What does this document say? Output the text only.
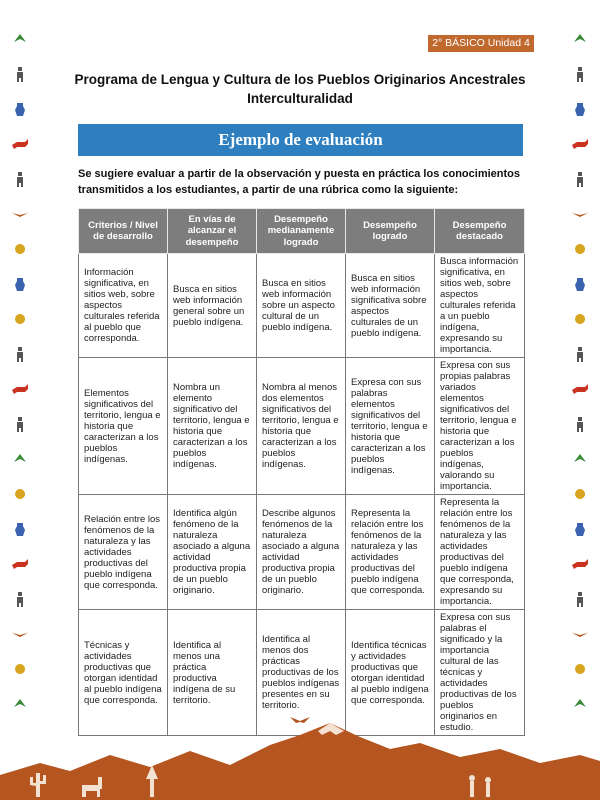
2° BÁSICO Unidad 4
Programa de Lengua y Cultura de los Pueblos Originarios Ancestrales
Interculturalidad
Ejemplo de evaluación
Se sugiere evaluar a partir de la observación y puesta en práctica los conocimientos transmitidos a los estudiantes, a partir de una rúbrica como la siguiente:
Criterios / Nivel de desarrollo	En vías de alcanzar el desempeño	Desempeño medianamente logrado	Desempeño logrado	Desempeño destacado
Información significativa, en sitios web, sobre aspectos culturales referida al pueblo que corresponda.	Busca en sitios web información general sobre un pueblo indígena.	Busca en sitios web información sobre un aspecto cultural de un pueblo indígena.	Busca en sitios web información significativa sobre aspectos culturales de un pueblo indígena.	Busca información significativa, en sitios web, sobre aspectos culturales referida a un pueblo indígena, expresando su importancia.
Elementos significativos del territorio, lengua e historia que caracterizan a los pueblos indígenas.	Nombra un elemento significativo del territorio, lengua e historia que caracterizan a los pueblos indígenas.	Nombra al menos dos elementos significativos del territorio, lengua e historia que caracterizan a los pueblos indígenas.	Expresa con sus palabras elementos significativos del territorio, lengua e historia que caracterizan a los pueblos indígenas.	Expresa con sus propias palabras variados elementos significativos del territorio, lengua e historia que caracterizan a los pueblos indígenas, valorando su importancia.
Relación entre los fenómenos de la naturaleza y las actividades productivas del pueblo indígena que corresponda.	Identifica algún fenómeno de la naturaleza asociado a alguna actividad productiva propia de un pueblo originario.	Describe algunos fenómenos de la naturaleza asociado a alguna actividad productiva propia de un pueblo originario.	Representa la relación entre los fenómenos de la naturaleza y las actividades productivas del pueblo indígena que corresponda.	Representa la relación entre los fenómenos de la naturaleza y las actividades productivas del pueblo indígena que corresponda, expresando su importancia.
Técnicas y actividades productivas que otorgan identidad al pueblo indígena que corresponda.	Identifica al menos una práctica productiva indígena de su territorio.	Identifica al menos dos prácticas productivas de los pueblos indígenas presentes en su territorio.	Identifica técnicas y actividades productivas que otorgan identidad al pueblo indígena que corresponda.	Expresa con sus palabras el significado y la importancia cultural de las técnicas y actividades productivas de los pueblos originarios en estudio.
